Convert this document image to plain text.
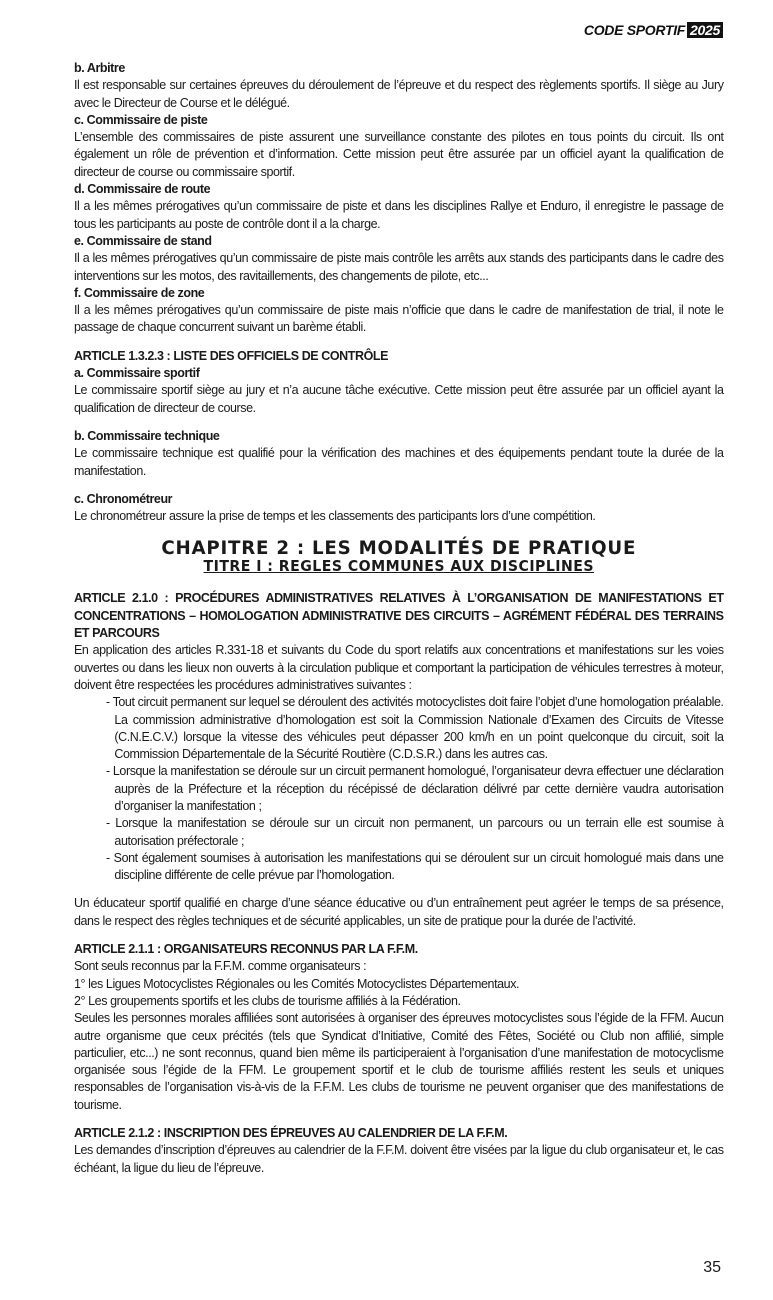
CODE SPORTIF 2025
b. Arbitre
Il est responsable sur certaines épreuves du déroulement de l’épreuve et du respect des règlements sportifs. Il siège au Jury avec le Directeur de Course et le délégué.
c. Commissaire de piste
L’ensemble des commissaires de piste assurent une surveillance constante des pilotes en tous points du circuit. Ils ont également un rôle de prévention et d’information. Cette mission peut être assurée par un officiel ayant la qualification de directeur de course ou commissaire sportif.
d. Commissaire de route
Il a les mêmes prérogatives qu’un commissaire de piste et dans les disciplines Rallye et Enduro, il enregistre le passage de tous les participants au poste de contrôle dont il a la charge.
e. Commissaire de stand
Il a les mêmes prérogatives qu’un commissaire de piste mais contrôle les arrêts aux stands des participants dans le cadre des interventions sur les motos, des ravitaillements, des changements de pilote, etc...
f. Commissaire de zone
Il a les mêmes prérogatives qu’un commissaire de piste mais n’officie que dans le cadre de manifestation de trial, il note le passage de chaque concurrent suivant un barème établi.
ARTICLE 1.3.2.3 : LISTE DES OFFICIELS DE CONTRÔLE
a. Commissaire sportif
Le commissaire sportif siège au jury et n’a aucune tâche exécutive. Cette mission peut être assurée par un officiel ayant la qualification de directeur de course.
b. Commissaire technique
Le commissaire technique est qualifié pour la vérification des machines et des équipements pendant toute la durée de la manifestation.
c. Chronométreur
Le chronométreur assure la prise de temps et les classements des participants lors d’une compétition.
CHAPITRE 2 : LES MODALITÉS DE PRATIQUE
TITRE I : REGLES COMMUNES AUX DISCIPLINES
ARTICLE 2.1.0 : PROCÉDURES ADMINISTRATIVES RELATIVES À L’ORGANISATION DE MANIFESTATIONS ET CONCENTRATIONS – HOMOLOGATION ADMINISTRATIVE DES CIRCUITS – AGRÉMENT FÉDÉRAL DES TERRAINS ET PARCOURS
En application des articles R.331-18 et suivants du Code du sport relatifs aux concentrations et manifestations sur les voies ouvertes ou dans les lieux non ouverts à la circulation publique et comportant la participation de véhicules terrestres à moteur, doivent être respectées les procédures administratives suivantes :
- Tout circuit permanent sur lequel se déroulent des activités motocyclistes doit faire l’objet d’une homologation préalable. La commission administrative d’homologation est soit la Commission Nationale d’Examen des Circuits de Vitesse (C.N.E.C.V.) lorsque la vitesse des véhicules peut dépasser 200 km/h en un point quelconque du circuit, soit la Commission Départementale de la Sécurité Routière (C.D.S.R.) dans les autres cas.
- Lorsque la manifestation se déroule sur un circuit permanent homologué, l’organisateur devra effectuer une déclaration auprès de la Préfecture et la réception du récépissé de déclaration délivré par cette dernière vaudra autorisation d’organiser la manifestation ;
- Lorsque la manifestation se déroule sur un circuit non permanent, un parcours ou un terrain elle est soumise à autorisation préfectorale ;
- Sont également soumises à autorisation les manifestations qui se déroulent sur un circuit homologué mais dans une discipline différente de celle prévue par l’homologation.
Un éducateur sportif qualifié en charge d’une séance éducative ou d’un entraînement peut agréer le temps de sa présence, dans le respect des règles techniques et de sécurité applicables, un site de pratique pour la durée de l’activité.
ARTICLE 2.1.1 : ORGANISATEURS RECONNUS PAR LA F.F.M.
Sont seuls reconnus par la F.F.M. comme organisateurs :
1° les Ligues Motocyclistes Régionales ou les Comités Motocyclistes Départementaux.
2° Les groupements sportifs et les clubs de tourisme affiliés à la Fédération.
Seules les personnes morales affiliées sont autorisées à organiser des épreuves motocyclistes sous l’égide de la FFM. Aucun autre organisme que ceux précités (tels que Syndicat d’Initiative, Comité des Fêtes, Société ou Club non affilié, simple particulier, etc...) ne sont reconnus, quand bien même ils participeraient à l’organisation d’une manifestation de motocyclisme organisée sous l’égide de la FFM. Le groupement sportif et le club de tourisme affiliés restent les seuls et uniques responsables de l’organisation vis-à-vis de la F.F.M. Les clubs de tourisme ne peuvent organiser que des manifestations de tourisme.
ARTICLE 2.1.2 : INSCRIPTION DES ÉPREUVES AU CALENDRIER DE LA F.F.M.
Les demandes d’inscription d’épreuves au calendrier de la F.F.M. doivent être visées par la ligue du club organisateur et, le cas échéant, la ligue du lieu de l’épreuve.
35
